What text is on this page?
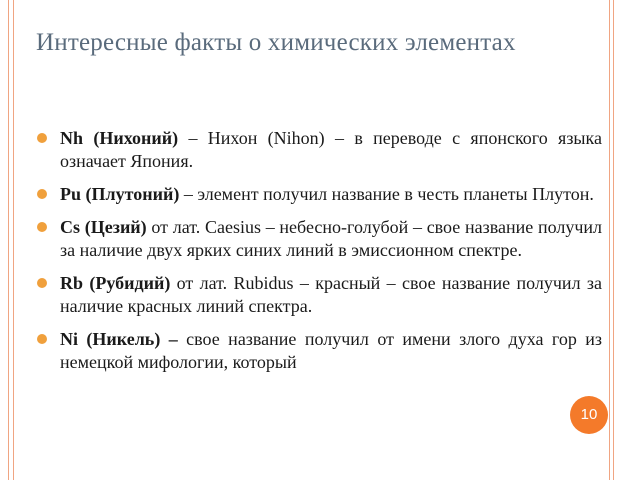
Интересные факты о химических элементах
Nh (Нихоний) – Нихон (Nihon) – в переводе с японского языка означает Япония.
Pu (Плутоний) – элемент получил название в честь планеты Плутон.
Cs (Цезий) от лат. Caesius – небесно-голубой – свое название получил за наличие двух ярких синих линий в эмиссионном спектре.
Rb (Рубидий) от лат. Rubidus – красный – свое название получил за наличие красных линий спектра.
Ni (Никель) – свое название получил от имени злого духа гор из немецкой мифологии, который
10
